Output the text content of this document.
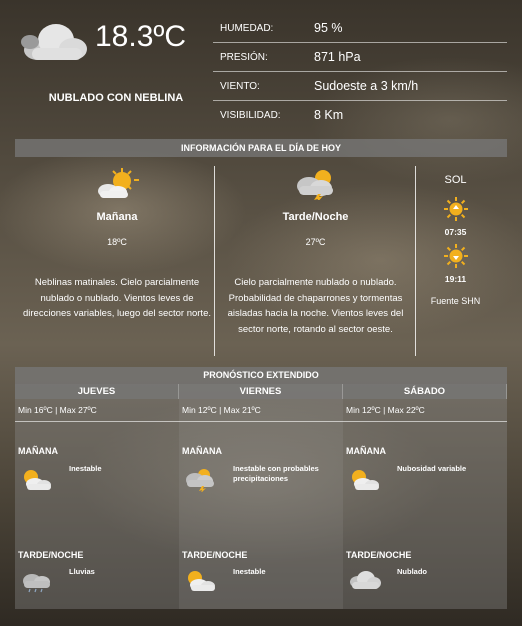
18.3ºC
NUBLADO CON NEBLINA
HUMEDAD:	95 %
PRESIÓN:	871 hPa
VIENTO:	Sudoeste a 3 km/h
VISIBILIDAD:	8 Km
INFORMACIÓN PARA EL DÍA DE HOY
Mañana
18ºC
Neblinas matinales. Cielo parcialmente nublado o nublado. Vientos leves de direcciones variables, luego del sector norte.
Tarde/Noche
27ºC
Cielo parcialmente nublado o nublado. Probabilidad de chaparrones y tormentas aisladas hacia la noche. Vientos leves del sector norte, rotando al sector oeste.
SOL
07:35
19:11
Fuente SHN
PRONÓSTICO EXTENDIDO
JUEVES
Min 16ºC | Max 27ºC
MAÑANA
Inestable
TARDE/NOCHE
Lluvias
VIERNES
Min 12ºC | Max 21ºC
MAÑANA
Inestable con probables precipitaciones
TARDE/NOCHE
Inestable
SÁBADO
Min 12ºC | Max 22ºC
MAÑANA
Nubosidad variable
TARDE/NOCHE
Nublado
